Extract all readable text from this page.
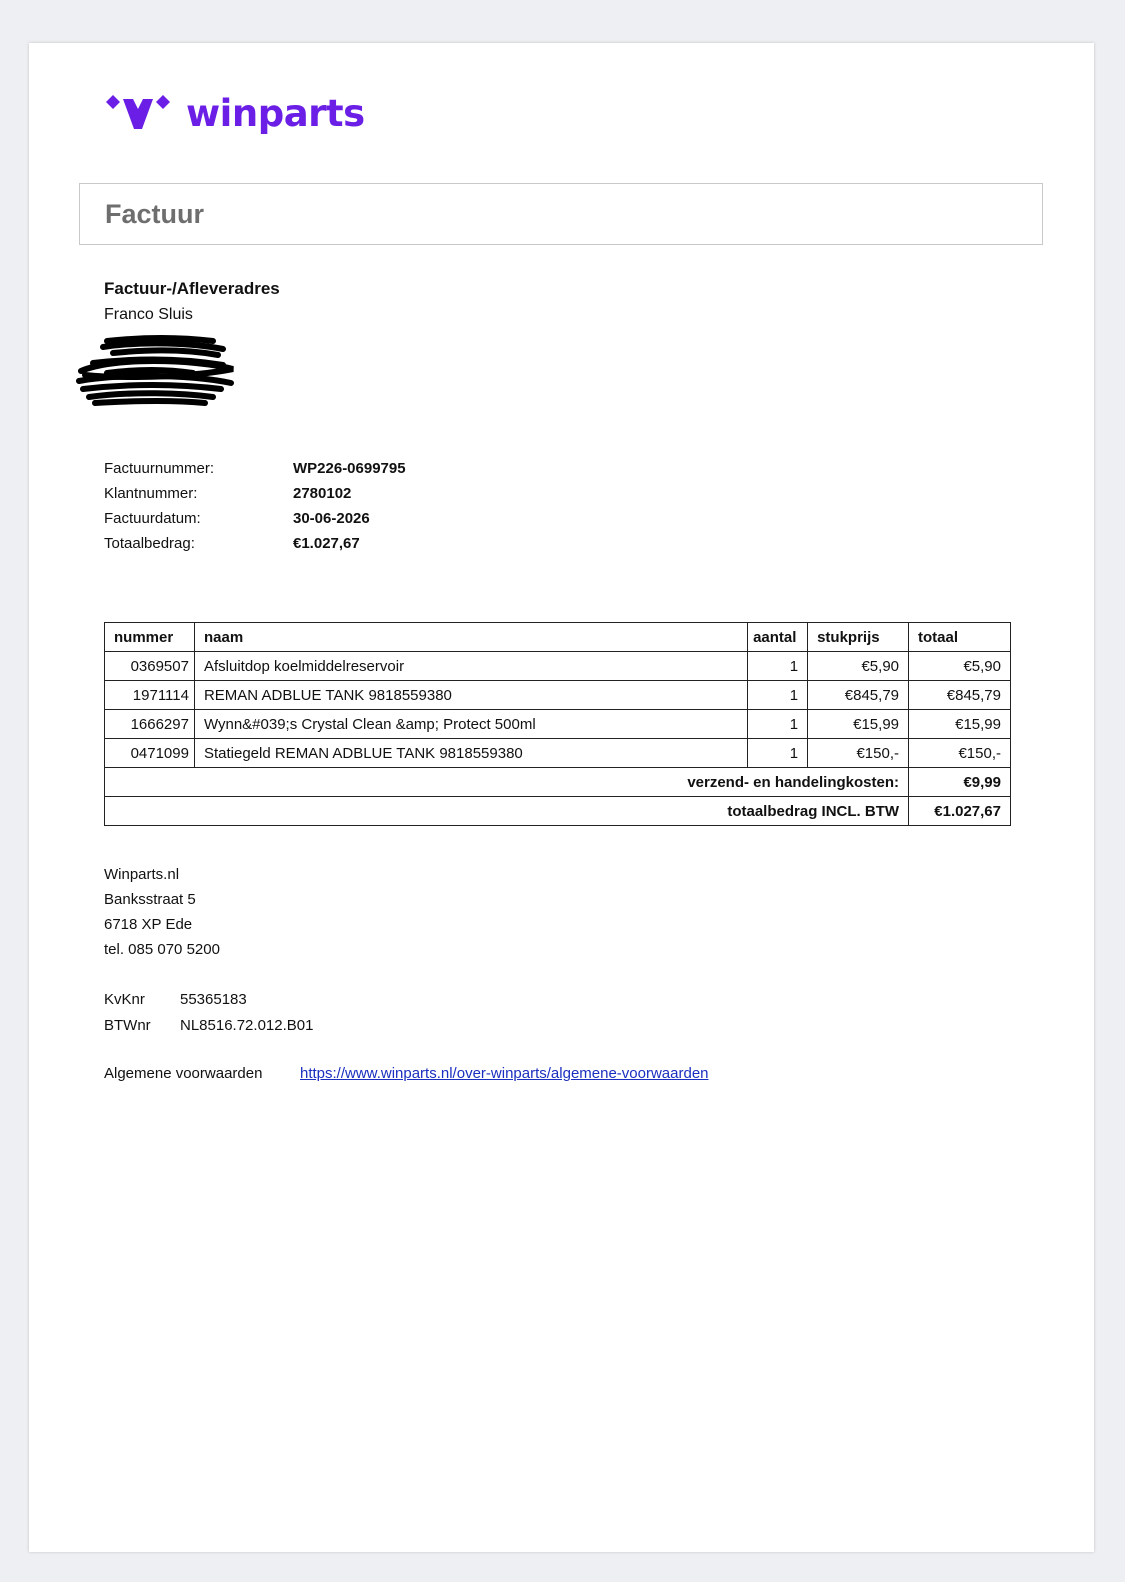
winparts
Factuur
Factuur-/Afleveradres
Franco Sluis
Factuurnummer:	WP226-0699795
Klantnummer:	2780102
Factuurdatum:	30-06-2026
Totaalbedrag:	€1.027,67
nummer	naam	aantal	stukprijs	totaal
0369507	Afsluitdop koelmiddelreservoir	1	€5,90	€5,90
1971114	REMAN ADBLUE TANK 9818559380	1	€845,79	€845,79
1666297	Wynn&#039;s Crystal Clean &amp; Protect 500ml	1	€15,99	€15,99
0471099	Statiegeld REMAN ADBLUE TANK 9818559380	1	€150,-	€150,-
verzend- en handelingkosten:				€9,99
totaalbedrag INCL. BTW				€1.027,67
Winparts.nl
Banksstraat 5
6718 XP Ede
tel. 085 070 5200
KvKnr	55365183
BTWnr	NL8516.72.012.B01
Algemene voorwaarden	https://www.winparts.nl/over-winparts/algemene-voorwaarden
